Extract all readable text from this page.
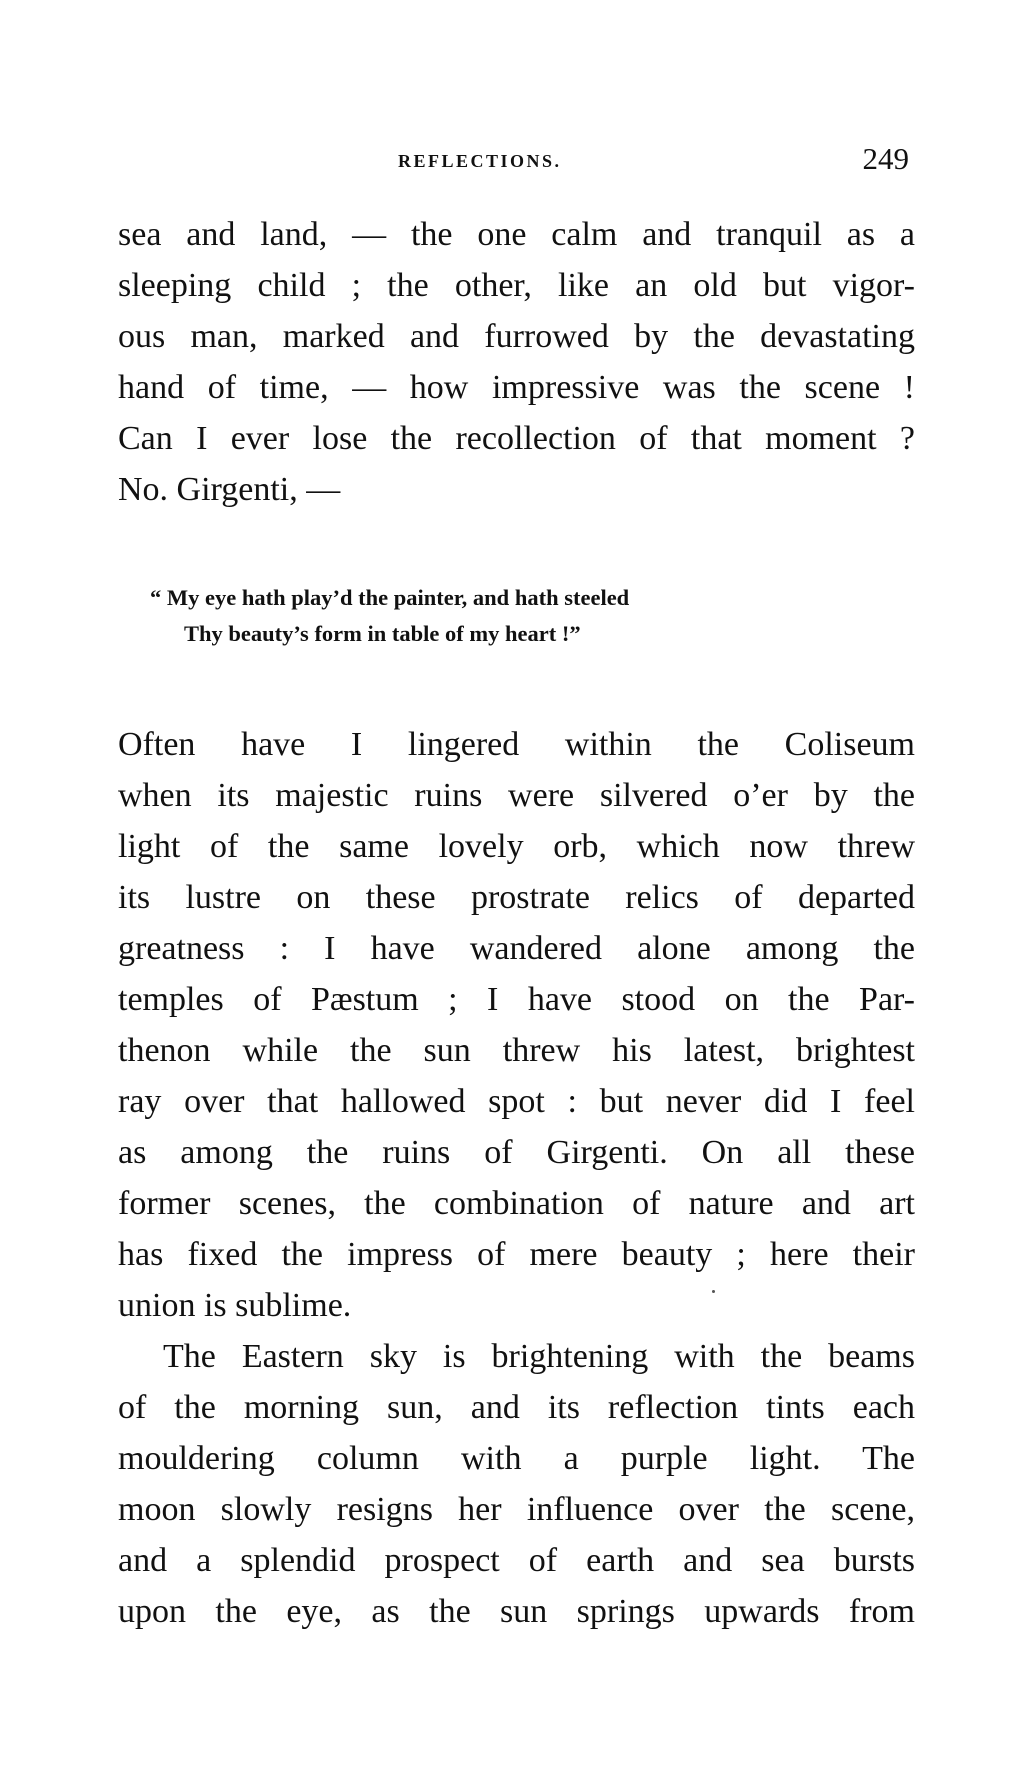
REFLECTIONS.	249
sea and land, — the one calm and tranquil as a
sleeping child ; the other, like an old but vigor-
ous man, marked and furrowed by the devastating
hand of time, — how impressive was the scene !
Can I ever lose the recollection of that moment ?
No. Girgenti, —
“ My eye hath play’d the painter, and hath steeled
Thy beauty’s form in table of my heart !”
Often have I lingered within the Coliseum
when its majestic ruins were silvered o’er by the
light of the same lovely orb, which now threw
its lustre on these prostrate relics of departed
greatness : I have wandered alone among the
temples of Pæstum ; I have stood on the Par-
thenon while the sun threw his latest, brightest
ray over that hallowed spot : but never did I feel
as among the ruins of Girgenti. On all these
former scenes, the combination of nature and art
has fixed the impress of mere beauty ; here their
union is sublime.
The Eastern sky is brightening with the beams
of the morning sun, and its reflection tints each
mouldering column with a purple light. The
moon slowly resigns her influence over the scene,
and a splendid prospect of earth and sea bursts
upon the eye, as the sun springs upwards from
